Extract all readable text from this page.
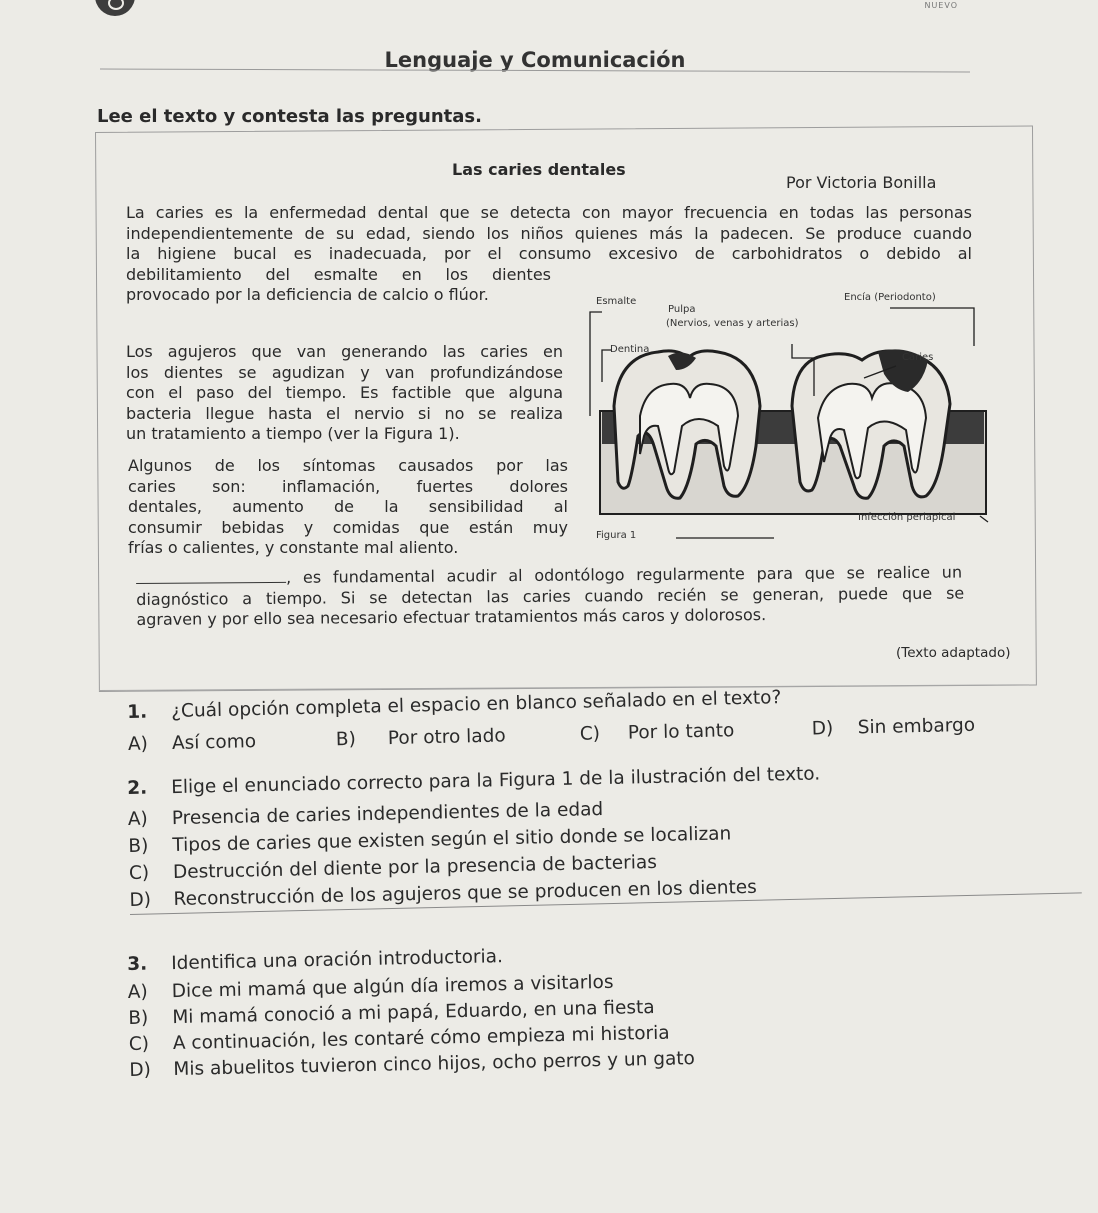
NUEVO
Lenguaje y Comunicación
Lee el texto y contesta las preguntas.
Las caries dentales
Por Victoria Bonilla
La caries es la enfermedad dental que se detecta con mayor frecuencia en todas las personas
independientemente de su edad, siendo los niños quienes más la padecen. Se produce cuando
la higiene bucal es inadecuada, por el consumo excesivo de carbohidratos o debido al
debilitamiento del esmalte en los dientes
provocado por la deficiencia de calcio o flúor.
Los agujeros que van generando las caries en
los dientes se agudizan y van profundizándose
con el paso del tiempo. Es factible que alguna
bacteria llegue hasta el nervio si no se realiza
un tratamiento a tiempo (ver la Figura 1).
Algunos de los síntomas causados por las
caries son: inflamación, fuertes dolores
dentales, aumento de la sensibilidad al
consumir bebidas y comidas que están muy
frías o calientes, y constante mal aliento.
, es fundamental acudir al odontólogo regularmente para que se realice un
diagnóstico a tiempo. Si se detectan las caries cuando recién se generan, puede que se
agraven y por ello sea necesario efectuar tratamientos más caros y dolorosos.
(Texto adaptado)
Esmalte
Pulpa
(Nervios, venas y arterias)
Encía (Periodonto)
Dentina
Caries
Figura 1
Infección periapical
1. ¿Cuál opción completa el espacio en blanco señalado en el texto?
A) Así como	B) Por otro lado	C) Por lo tanto	D) Sin embargo
2. Elige el enunciado correcto para la Figura 1 de la ilustración del texto.
A) Presencia de caries independientes de la edad
B) Tipos de caries que existen según el sitio donde se localizan
C) Destrucción del diente por la presencia de bacterias
D) Reconstrucción de los agujeros que se producen en los dientes
3. Identifica una oración introductoria.
A) Dice mi mamá que algún día iremos a visitarlos
B) Mi mamá conoció a mi papá, Eduardo, en una fiesta
C) A continuación, les contaré cómo empieza mi historia
D) Mis abuelitos tuvieron cinco hijos, ocho perros y un gato
